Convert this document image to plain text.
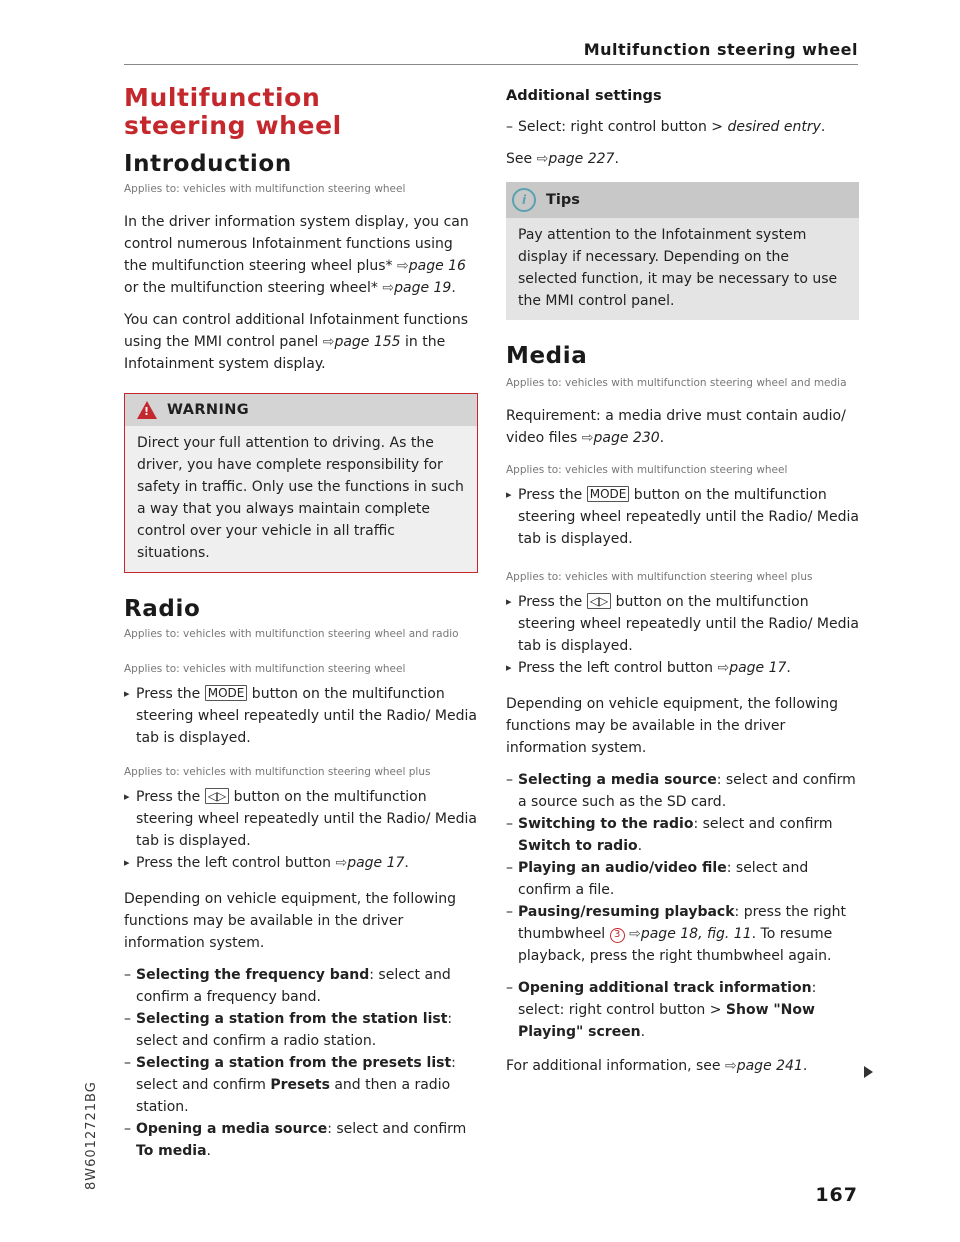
Multifunction steering wheel
8W6012721BG
Multifunction steering wheel
Introduction
Applies to: vehicles with multifunction steering wheel

In the driver information system display, you can control numerous Infotainment functions using the multifunction steering wheel plus* ⇨page 16 or the multifunction steering wheel* ⇨page 19.

You can control additional Infotainment functions using the MMI control panel ⇨page 155 in the Infotainment system display.

!
WARNING
Direct your full attention to driving. As the driver, you have complete responsibility for safety in traffic. Only use the functions in such a way that you always maintain complete control over your vehicle in all traffic situations.
Radio
Applies to: vehicles with multifunction steering wheel and radio
Applies to: vehicles with multifunction steering wheel
▸ Press the MODE button on the multifunction steering wheel repeatedly until the Radio/ Media tab is displayed.
Applies to: vehicles with multifunction steering wheel plus
▸ Press the ◁▷ button on the multifunction steering wheel repeatedly until the Radio/ Media tab is displayed.
▸ Press the left control button ⇨page 17.

Depending on vehicle equipment, the following functions may be available in the driver information system.

– Selecting the frequency band: select and confirm a frequency band.
– Selecting a station from the station list: select and confirm a radio station.
– Selecting a station from the presets list: select and confirm Presets and then a radio station.
– Opening a media source: select and confirm To media.
Additional settings
– Select: right control button > desired entry.

See ⇨page 227.

i	Tips
Pay attention to the Infotainment system display if necessary. Depending on the selected function, it may be necessary to use the MMI control panel.
Media
Applies to: vehicles with multifunction steering wheel and media

Requirement: a media drive must contain audio/ video files ⇨page 230.

Applies to: vehicles with multifunction steering wheel
▸ Press the MODE button on the multifunction steering wheel repeatedly until the Radio/ Media tab is displayed.
Applies to: vehicles with multifunction steering wheel plus
▸ Press the ◁▷ button on the multifunction steering wheel repeatedly until the Radio/ Media tab is displayed.
▸ Press the left control button ⇨page 17.

Depending on vehicle equipment, the following functions may be available in the driver information system.

– Selecting a media source: select and confirm a source such as the SD card.
– Switching to the radio: select and confirm Switch to radio.
– Playing an audio/video file: select and confirm a file.
– Pausing/resuming playback: press the right thumbwheel 3 ⇨page 18, fig. 11. To resume playback, press the right thumbwheel again.
– Opening additional track information: select: right control button > Show "Now Playing" screen.

For additional information, see ⇨page 241.

167
